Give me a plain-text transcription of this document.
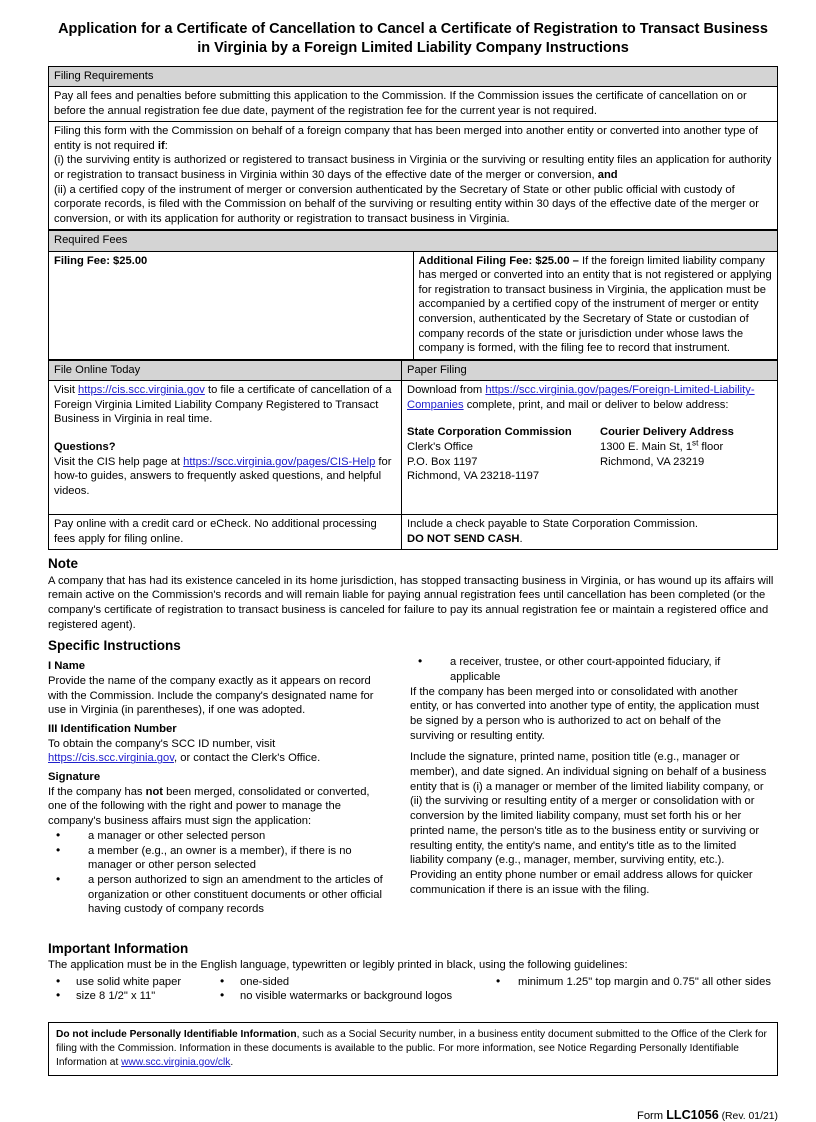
Application for a Certificate of Cancellation to Cancel a Certificate of Registration to Transact Business in Virginia by a Foreign Limited Liability Company Instructions
Filing Requirements
Pay all fees and penalties before submitting this application to the Commission. If the Commission issues the certificate of cancellation on or before the annual registration fee due date, payment of the registration fee for the current year is not required.
Filing this form with the Commission on behalf of a foreign company that has been merged into another entity or converted into another type of entity is not required if:
(i) the surviving entity is authorized or registered to transact business in Virginia or the surviving or resulting entity files an application for authority or registration to transact business in Virginia within 30 days of the effective date of the merger or conversion, and
(ii) a certified copy of the instrument of merger or conversion authenticated by the Secretary of State or other public official with custody of corporate records, is filed with the Commission on behalf of the surviving or resulting entity within 30 days of the effective date of the merger or conversion, or with its application for authority or registration to transact business in Virginia.
Required Fees
Filing Fee: $25.00	Additional Filing Fee: $25.00 – If the foreign limited liability company has merged or converted into an entity that is not registered or applying for registration to transact business in Virginia, the application must be accompanied by a certified copy of the instrument of merger or entity conversion, authenticated by the Secretary of State or custodian of company records of the state or jurisdiction under whose laws the company is formed, with the filing fee to record that instrument.
File Online Today	Paper Filing
Visit https://cis.scc.virginia.gov to file a certificate of cancellation of a Foreign Virginia Limited Liability Company Registered to Transact Business in Virginia in real time.
Questions?
Visit the CIS help page at https://scc.virginia.gov/pages/CIS-Help for how-to guides, answers to frequently asked questions, and helpful videos.	Download from https://scc.virginia.gov/pages/Foreign-Limited-Liability-Companies complete, print, and mail or deliver to below address:
State Corporation Commission
Clerk's Office
P.O. Box 1197
Richmond, VA 23218-1197
Courier Delivery Address
1300 E. Main St, 1st floor
Richmond, VA 23219

Pay online with a credit card or eCheck. No additional processing fees apply for filing online.	Include a check payable to State Corporation Commission.
DO NOT SEND CASH.
Note

A company that has had its existence canceled in its home jurisdiction, has stopped transacting business in Virginia, or has wound up its affairs will remain active on the Commission's records and will remain liable for paying annual registration fees until cancellation has been completed (or the company's certificate of registration to transact business is canceled for failure to pay its annual registration fee or maintain a registered office and registered agent).

Specific Instructions
I Name

Provide the name of the company exactly as it appears on record with the Commission. Include the company's designated name for use in Virginia (in parentheses), if one was adopted.

III Identification Number

To obtain the company's SCC ID number, visit https://cis.scc.virginia.gov, or contact the Clerk's Office.

Signature

If the company has not been merged, consolidated or converted, one of the following with the right and power to manage the company's business affairs must sign the application:

• a manager or other selected person
• a member (e.g., an owner is a member), if there is no manager or other person selected
• a person authorized to sign an amendment to the articles of organization or other constituent documents or other official having custody of company records
• a receiver, trustee, or other court-appointed fiduciary, if applicable

If the company has been merged into or consolidated with another entity, or has converted into another type of entity, the application must be signed by a person who is authorized to act on behalf of the surviving or resulting entity.

Include the signature, printed name, position title (e.g., manager or member), and date signed. An individual signing on behalf of a business entity that is (i) a manager or member of the limited liability company, or (ii) the surviving or resulting entity of a merger or consolidation with or conversion by the limited liability company, must set forth his or her printed name, the person's title as to the business entity or surviving or resulting entity, the entity's name, and entity's title as to the limited liability company (e.g., manager, member, surviving entity, etc.). Providing an entity phone number or email address allows for quicker communication if there is an issue with the filing.

Important Information

The application must be in the English language, typewritten or legibly printed in black, using the following guidelines:

• use solid white paper
• size 8 1/2" x 11"
• one-sided
• no visible watermarks or background logos
• minimum 1.25" top margin and 0.75" all other sides
Do not include Personally Identifiable Information, such as a Social Security number, in a business entity document submitted to the Office of the Clerk for filing with the Commission. Information in these documents is available to the public. For more information, see Notice Regarding Personally Identifiable Information at www.scc.virginia.gov/clk.
Form LLC1056 (Rev. 01/21)
